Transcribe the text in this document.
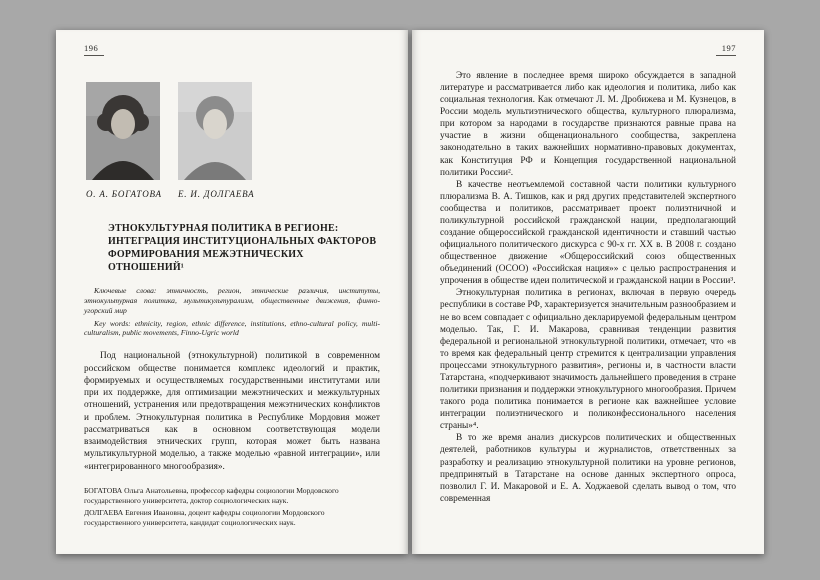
196
О. А. БОГАТОВА Е. И. ДОЛГАЕВА
ЭТНОКУЛЬТУРНАЯ ПОЛИТИКА В РЕГИОНЕ: ИНТЕГРАЦИЯ ИНСТИТУЦИОНАЛЬНЫХ ФАКТОРОВ ФОРМИРОВАНИЯ МЕЖЭТНИЧЕСКИХ ОТНОШЕНИЙ¹

Ключевые слова: этничность, регион, этнические различия, институты, этнокультурная политика, мультикультурализм, общественные движения, финно-угорский мир

Key words: ethnicity, region, ethnic difference, institutions, ethno-cultural policy, multi-culturalism, public movements, Finno-Ugric world

Под национальной (этнокультурной) политикой в современном российском обществе понимается комплекс идеологий и практик, формируемых и осуществляемых государственными институтами или при их поддержке, для оптимизации межэтнических и межкультурных отношений, устранения или предотвращения межэтнических конфликтов и проблем. Этнокультурная политика в Республике Мордовия может рассматриваться как в основном соответствующая модели взаимодействия этнических групп, которая может быть названа мультикультурной моделью, а также моделью «равной интеграции», или «интегрированного многообразия».

БОГАТОВА Ольга Анатольевна, профессор кафедры социологии Мордовского государственного университета, доктор социологических наук.

ДОЛГАЕВА Евгения Ивановна, доцент кафедры социологии Мордовского государственного университета, кандидат социологических наук.

197

Это явление в последнее время широко обсуждается в западной литературе и рассматривается либо как идеология и политика, либо как социальная технология. Как отмечают Л. М. Дробижева и М. Кузнецов, в России модель мультиэтнического общества, культурного плюрализма, при котором за народами в государстве признаются равные права на участие в жизни общенационального сообщества, закреплена законодательно в таких важнейших нормативно-правовых документах, как Конституция РФ и Концепция государственной национальной политики России².

В качестве неотъемлемой составной части политики культурного плюрализма В. А. Тишков, как и ряд других представителей экспертного сообщества и политиков, рассматривает проект полиэтничной и поликультурной российской гражданской нации, предполагающий создание общероссийской гражданской идентичности и ставший частью официального политического дискурса с 90-х гг. XX в. В 2008 г. создано общественное движение «Общероссийский союз общественных объединений (ОСОО) «Российская нация»» с целью распространения и упрочения в обществе идеи политической и гражданской нации в России³.

Этнокультурная политика в регионах, включая в первую очередь республики в составе РФ, характеризуется значительным разнообразием и не во всем совпадает с официально декларируемой федеральным центром моделью. Так, Г. И. Макарова, сравнивая тенденции развития федеральной и региональной этнокультурной политики, отмечает, что «в то время как федеральный центр стремится к централизации управления процессами этнокультурного развития», регионы и, в частности власти Татарстана, «подчеркивают значимость дальнейшего проведения в стране политики признания и поддержки этнокультурного многообразия. Причем такого рода политика понимается в регионе как важнейшее условие интеграции полиэтнического и поликонфессионального населения страны»⁴.

В то же время анализ дискурсов политических и общественных деятелей, работников культуры и журналистов, ответственных за разработку и реализацию этнокультурной политики на уровне регионов, предпринятый в Татарстане на основе данных экспертного опроса, позволил Г. И. Макаровой и Е. А. Ходжаевой сделать вывод о том, что современная
